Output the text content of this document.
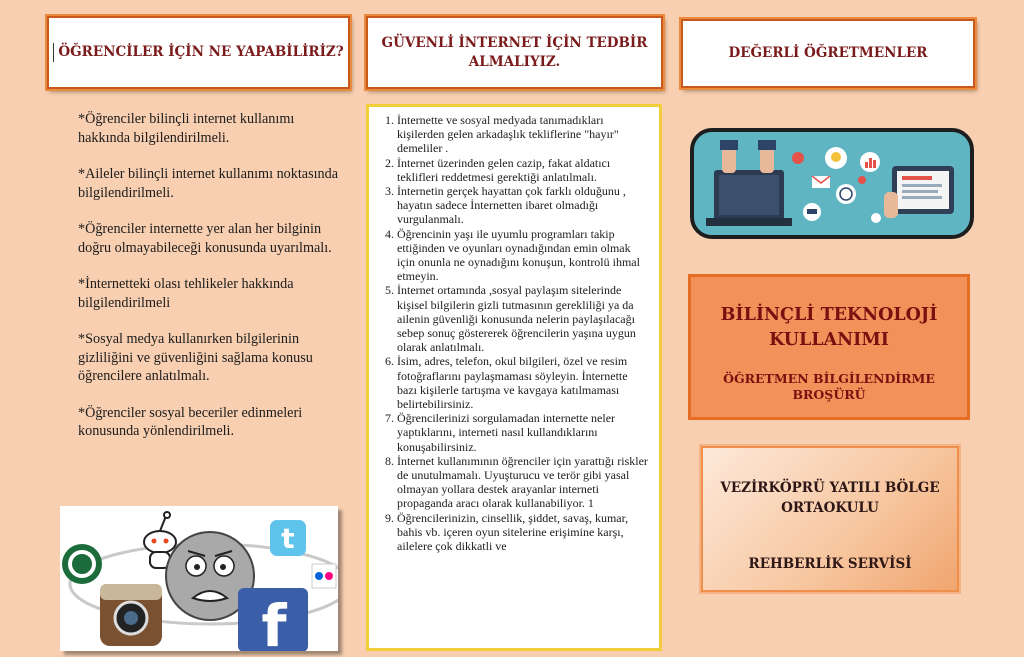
ÖĞRENCİLER İÇİN NE YAPABİLİRİZ?
GÜVENLİ İNTERNET İÇİN TEDBİR ALMALIYIZ.
DEĞERLİ ÖĞRETMENLER

*Öğrenciler bilinçli internet kullanımı hakkında bilgilendirilmeli.

*Aileler bilinçli internet kullanımı noktasında bilgilendirilmeli.

*Öğrenciler internette yer alan her bilginin doğru olmayabileceği konusunda uyarılmalı.

*İnternetteki olası tehlikeler hakkında bilgilendirilmeli

*Sosyal medya kullanırken bilgilerinin gizliliğini ve güvenliğini sağlama konusu öğrencilere anlatılmalı.

*Öğrenciler sosyal beceriler edinmeleri konusunda yönlendirilmeli.

t
f
1. İnternette ve sosyal medyada tanımadıkları kişilerden gelen arkadaşlık tekliflerine "hayır" demeliler .
2. İnternet üzerinden gelen cazip, fakat aldatıcı teklifleri reddetmesi gerektiği anlatılmalı.
3. İnternetin gerçek hayattan çok farklı olduğunu , hayatın sadece İnternetten ibaret olmadığı vurgulanmalı.
4. Öğrencinin yaşı ile uyumlu programları takip ettiğinden ve oyunları oynadığından emin olmak için onunla ne oynadığını konuşun, kontrolü ihmal etmeyin.
5. İnternet ortamında ,sosyal paylaşım sitelerinde kişisel bilgilerin gizli tutmasının gerekliliği ya da ailenin güvenliği konusunda nelerin paylaşılacağı sebep sonuç göstererek öğrencilerin yaşına uygun olarak anlatılmalı.
6. İsim, adres, telefon, okul bilgileri, özel ve resim fotoğraflarını paylaşmaması söyleyin. İnternette bazı kişilerle tartışma ve kavgaya katılmaması belirtebilirsiniz.
7. Öğrencilerinizi sorgulamadan internette neler yaptıklarını, interneti nasıl kullandıklarını konuşabilirsiniz.
8. İnternet kullanımının öğrenciler için yarattığı riskler de unutulmamalı. Uyuşturucu ve terör gibi yasal olmayan yollara destek arayanlar interneti propaganda aracı olarak kullanabiliyor. 1
9. Öğrencilerinizin, cinsellik, şiddet, savaş, kumar, bahis vb. içeren oyun sitelerine erişimine karşı, ailelere çok dikkatli ve
BİLİNÇLİ TEKNOLOJİ KULLANIMI
ÖĞRETMEN BİLGİLENDİRME BROŞÜRÜ
VEZİRKÖPRÜ YATILI BÖLGE ORTAOKULU
REHBERLİK SERVİSİ
